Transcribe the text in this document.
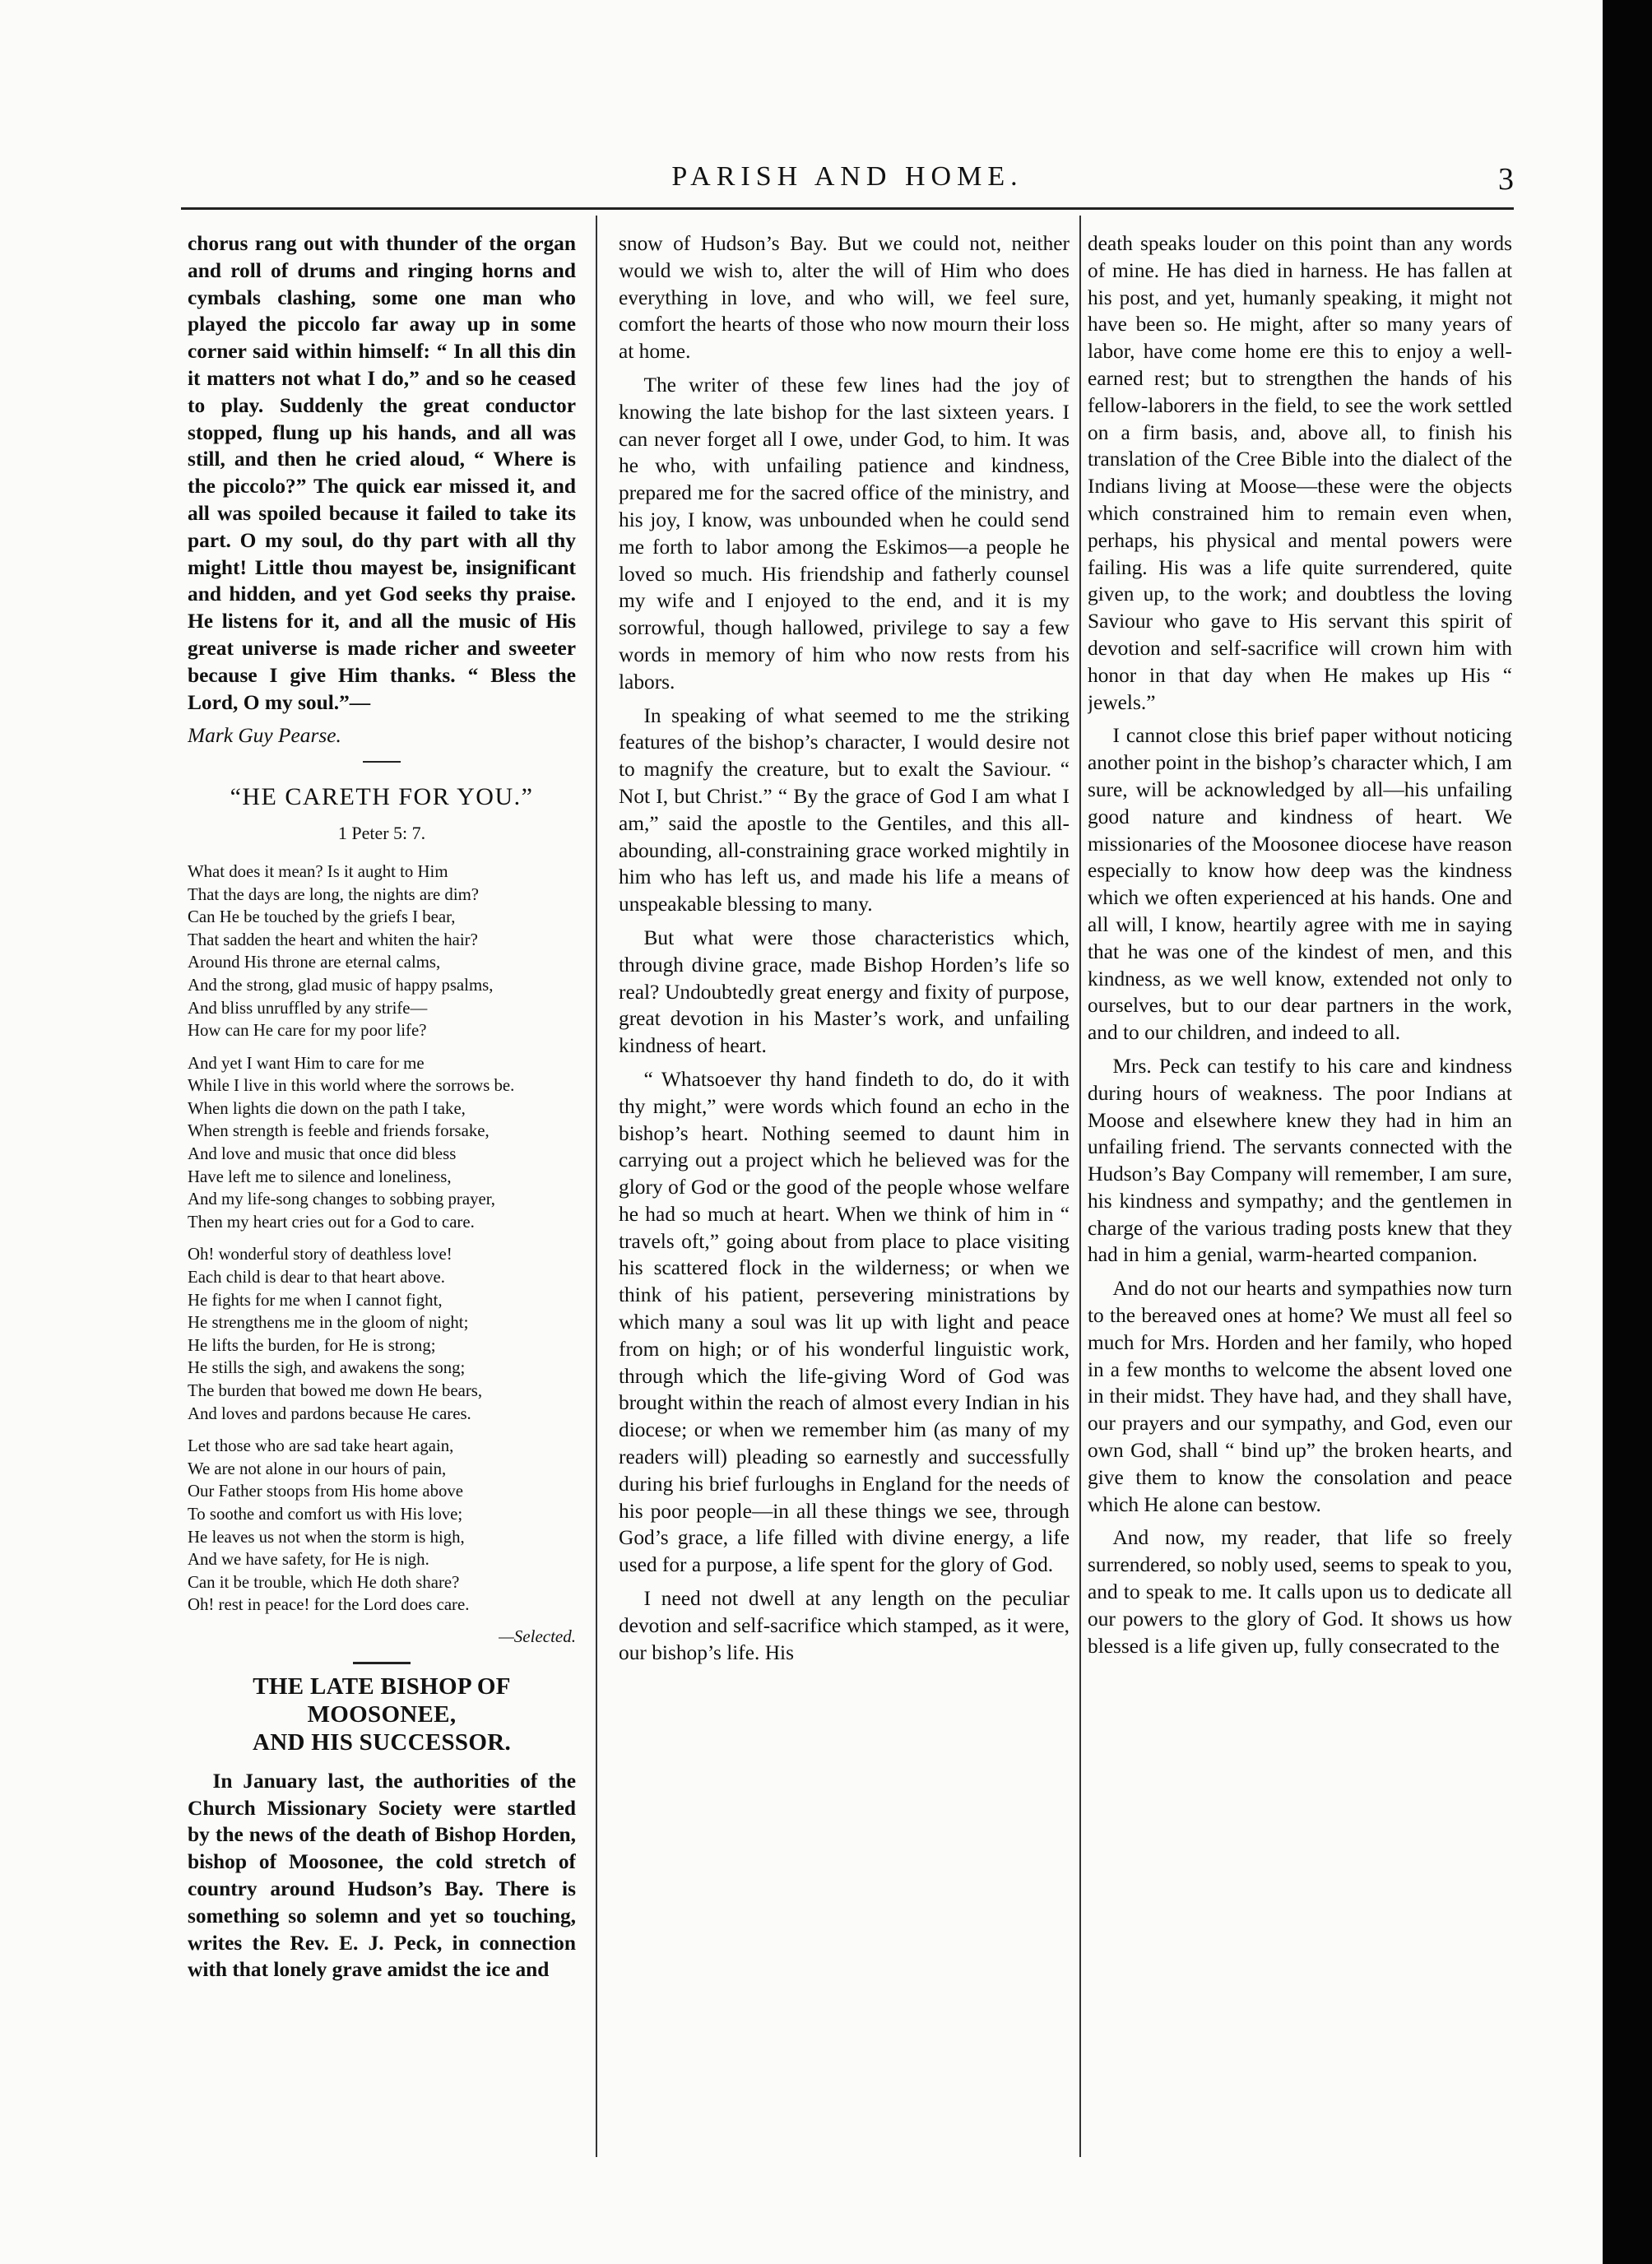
PARISH AND HOME.	3

chorus rang out with thunder of the organ and roll of drums and ringing horns and cymbals clashing, some one man who played the piccolo far away up in some corner said within himself: “ In all this din it matters not what I do,” and so he ceased to play. Suddenly the great conductor stopped, flung up his hands, and all was still, and then he cried aloud, “ Where is the piccolo?” The quick ear missed it, and all was spoiled because it failed to take its part. O my soul, do thy part with all thy might! Little thou mayest be, insignificant and hidden, and yet God seeks thy praise. He listens for it, and all the music of His great universe is made richer and sweeter because I give Him thanks. “ Bless the Lord, O my soul.”—

Mark Guy Pearse.

“HE CARETH FOR YOU.”
1 Peter 5: 7.
What does it mean? Is it aught to Him
That the days are long, the nights are dim?
Can He be touched by the griefs I bear,
That sadden the heart and whiten the hair?
Around His throne are eternal calms,
And the strong, glad music of happy psalms,
And bliss unruffled by any strife—
How can He care for my poor life?
And yet I want Him to care for me
While I live in this world where the sorrows be.
When lights die down on the path I take,
When strength is feeble and friends forsake,
And love and music that once did bless
Have left me to silence and loneliness,
And my life-song changes to sobbing prayer,
Then my heart cries out for a God to care.
Oh! wonderful story of deathless love!
Each child is dear to that heart above.
He fights for me when I cannot fight,
He strengthens me in the gloom of night;
He lifts the burden, for He is strong;
He stills the sigh, and awakens the song;
The burden that bowed me down He bears,
And loves and pardons because He cares.
Let those who are sad take heart again,
We are not alone in our hours of pain,
Our Father stoops from His home above
To soothe and comfort us with His love;
He leaves us not when the storm is high,
And we have safety, for He is nigh.
Can it be trouble, which He doth share?
Oh! rest in peace! for the Lord does care.
—Selected.
THE LATE BISHOP OF MOOSONEE,
AND HIS SUCCESSOR.

In January last, the authorities of the Church Missionary Society were startled by the news of the death of Bishop Horden, bishop of Moosonee, the cold stretch of country around Hudson’s Bay. There is something so solemn and yet so touching, writes the Rev. E. J. Peck, in connection with that lonely grave amidst the ice and

snow of Hudson’s Bay. But we could not, neither would we wish to, alter the will of Him who does everything in love, and who will, we feel sure, comfort the hearts of those who now mourn their loss at home.

The writer of these few lines had the joy of knowing the late bishop for the last sixteen years. I can never forget all I owe, under God, to him. It was he who, with unfailing patience and kindness, prepared me for the sacred office of the ministry, and his joy, I know, was unbounded when he could send me forth to labor among the Eskimos—a people he loved so much. His friendship and fatherly counsel my wife and I enjoyed to the end, and it is my sorrowful, though hallowed, privilege to say a few words in memory of him who now rests from his labors.

In speaking of what seemed to me the striking features of the bishop’s character, I would desire not to magnify the creature, but to exalt the Saviour. “ Not I, but Christ.” “ By the grace of God I am what I am,” said the apostle to the Gentiles, and this all-abounding, all-constraining grace worked mightily in him who has left us, and made his life a means of unspeakable blessing to many.

But what were those characteristics which, through divine grace, made Bishop Horden’s life so real? Undoubtedly great energy and fixity of purpose, great devotion in his Master’s work, and unfailing kindness of heart.

“ Whatsoever thy hand findeth to do, do it with thy might,” were words which found an echo in the bishop’s heart. Nothing seemed to daunt him in carrying out a project which he believed was for the glory of God or the good of the people whose welfare he had so much at heart. When we think of him in “ travels oft,” going about from place to place visiting his scattered flock in the wilderness; or when we think of his patient, persevering ministrations by which many a soul was lit up with light and peace from on high; or of his wonderful linguistic work, through which the life-giving Word of God was brought within the reach of almost every Indian in his diocese; or when we remember him (as many of my readers will) pleading so earnestly and successfully during his brief furloughs in England for the needs of his poor people—in all these things we see, through God’s grace, a life filled with divine energy, a life used for a purpose, a life spent for the glory of God.

I need not dwell at any length on the peculiar devotion and self-sacrifice which stamped, as it were, our bishop’s life. His

death speaks louder on this point than any words of mine. He has died in harness. He has fallen at his post, and yet, humanly speaking, it might not have been so. He might, after so many years of labor, have come home ere this to enjoy a well-earned rest; but to strengthen the hands of his fellow-laborers in the field, to see the work settled on a firm basis, and, above all, to finish his translation of the Cree Bible into the dialect of the Indians living at Moose—these were the objects which constrained him to remain even when, perhaps, his physical and mental powers were failing. His was a life quite surrendered, quite given up, to the work; and doubtless the loving Saviour who gave to His servant this spirit of devotion and self-sacrifice will crown him with honor in that day when He makes up His “ jewels.”

I cannot close this brief paper without noticing another point in the bishop’s character which, I am sure, will be acknowledged by all—his unfailing good nature and kindness of heart. We missionaries of the Moosonee diocese have reason especially to know how deep was the kindness which we often experienced at his hands. One and all will, I know, heartily agree with me in saying that he was one of the kindest of men, and this kindness, as we well know, extended not only to ourselves, but to our dear partners in the work, and to our children, and indeed to all.

Mrs. Peck can testify to his care and kindness during hours of weakness. The poor Indians at Moose and elsewhere knew they had in him an unfailing friend. The servants connected with the Hudson’s Bay Company will remember, I am sure, his kindness and sympathy; and the gentlemen in charge of the various trading posts knew that they had in him a genial, warm-hearted companion.

And do not our hearts and sympathies now turn to the bereaved ones at home? We must all feel so much for Mrs. Horden and her family, who hoped in a few months to welcome the absent loved one in their midst. They have had, and they shall have, our prayers and our sympathy, and God, even our own God, shall “ bind up” the broken hearts, and give them to know the consolation and peace which He alone can bestow.

And now, my reader, that life so freely surrendered, so nobly used, seems to speak to you, and to speak to me. It calls upon us to dedicate all our powers to the glory of God. It shows us how blessed is a life given up, fully consecrated to the
